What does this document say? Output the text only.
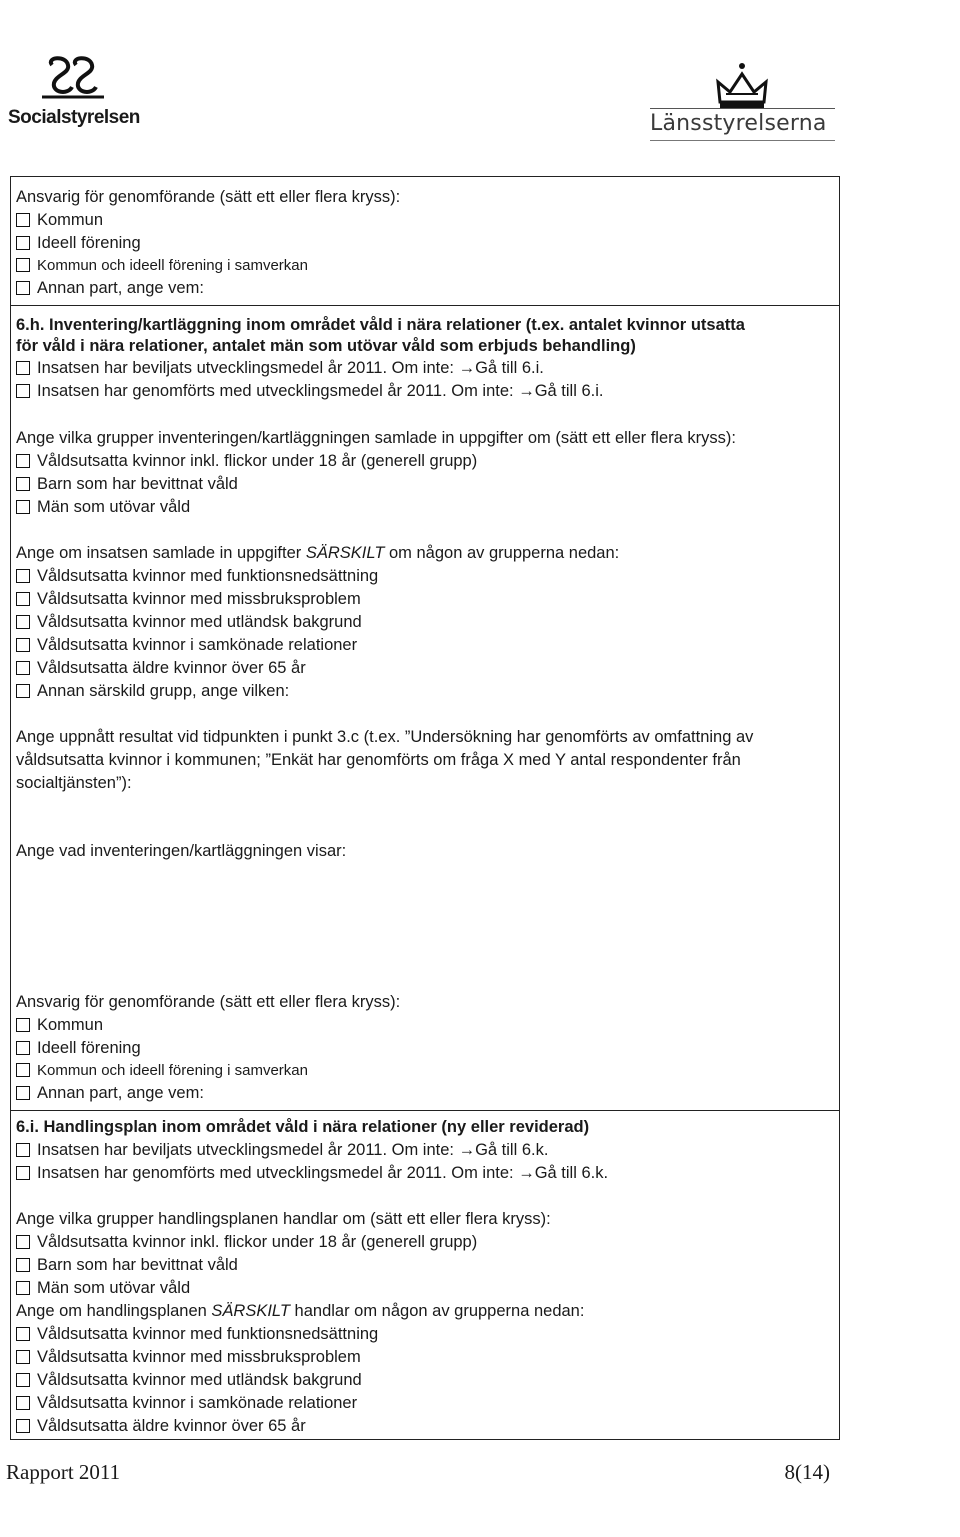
Socialstyrelsen	Länsstyrelserna
Ansvarig för genomförande (sätt ett eller flera kryss):
Kommun
Ideell förening
Kommun och ideell förening i samverkan
Annan part, ange vem:
6.h. Inventering/kartläggning inom området våld i nära relationer (t.ex. antalet kvinnor utsatta
för våld i nära relationer, antalet män som utövar våld som erbjuds behandling)
Insatsen har beviljats utvecklingsmedel år 2011. Om inte: →Gå till 6.i.
Insatsen har genomförts med utvecklingsmedel år 2011. Om inte: →Gå till 6.i.
Ange vilka grupper inventeringen/kartläggningen samlade in uppgifter om (sätt ett eller flera kryss):
Våldsutsatta kvinnor inkl. flickor under 18 år (generell grupp)
Barn som har bevittnat våld
Män som utövar våld
Ange om insatsen samlade in uppgifter SÄRSKILT om någon av grupperna nedan:
Våldsutsatta kvinnor med funktionsnedsättning
Våldsutsatta kvinnor med missbruksproblem
Våldsutsatta kvinnor med utländsk bakgrund
Våldsutsatta kvinnor i samkönade relationer
Våldsutsatta äldre kvinnor över 65 år
Annan särskild grupp, ange vilken:
Ange uppnått resultat vid tidpunkten i punkt 3.c (t.ex. ”Undersökning har genomförts av omfattning av våldsutsatta kvinnor i kommunen; ”Enkät har genomförts om fråga X med Y antal respondenter från socialtjänsten”):
Ange vad inventeringen/kartläggningen visar:
Ansvarig för genomförande (sätt ett eller flera kryss):
Kommun
Ideell förening
Kommun och ideell förening i samverkan
Annan part, ange vem:
6.i. Handlingsplan inom området våld i nära relationer (ny eller reviderad)
Insatsen har beviljats utvecklingsmedel år 2011. Om inte: →Gå till 6.k.
Insatsen har genomförts med utvecklingsmedel år 2011. Om inte: →Gå till 6.k.
Ange vilka grupper handlingsplanen handlar om (sätt ett eller flera kryss):
Våldsutsatta kvinnor inkl. flickor under 18 år (generell grupp)
Barn som har bevittnat våld
Män som utövar våld
Ange om handlingsplanen SÄRSKILT handlar om någon av grupperna nedan:
Våldsutsatta kvinnor med funktionsnedsättning
Våldsutsatta kvinnor med missbruksproblem
Våldsutsatta kvinnor med utländsk bakgrund
Våldsutsatta kvinnor i samkönade relationer
Våldsutsatta äldre kvinnor över 65 år
Rapport 2011	8(14)
